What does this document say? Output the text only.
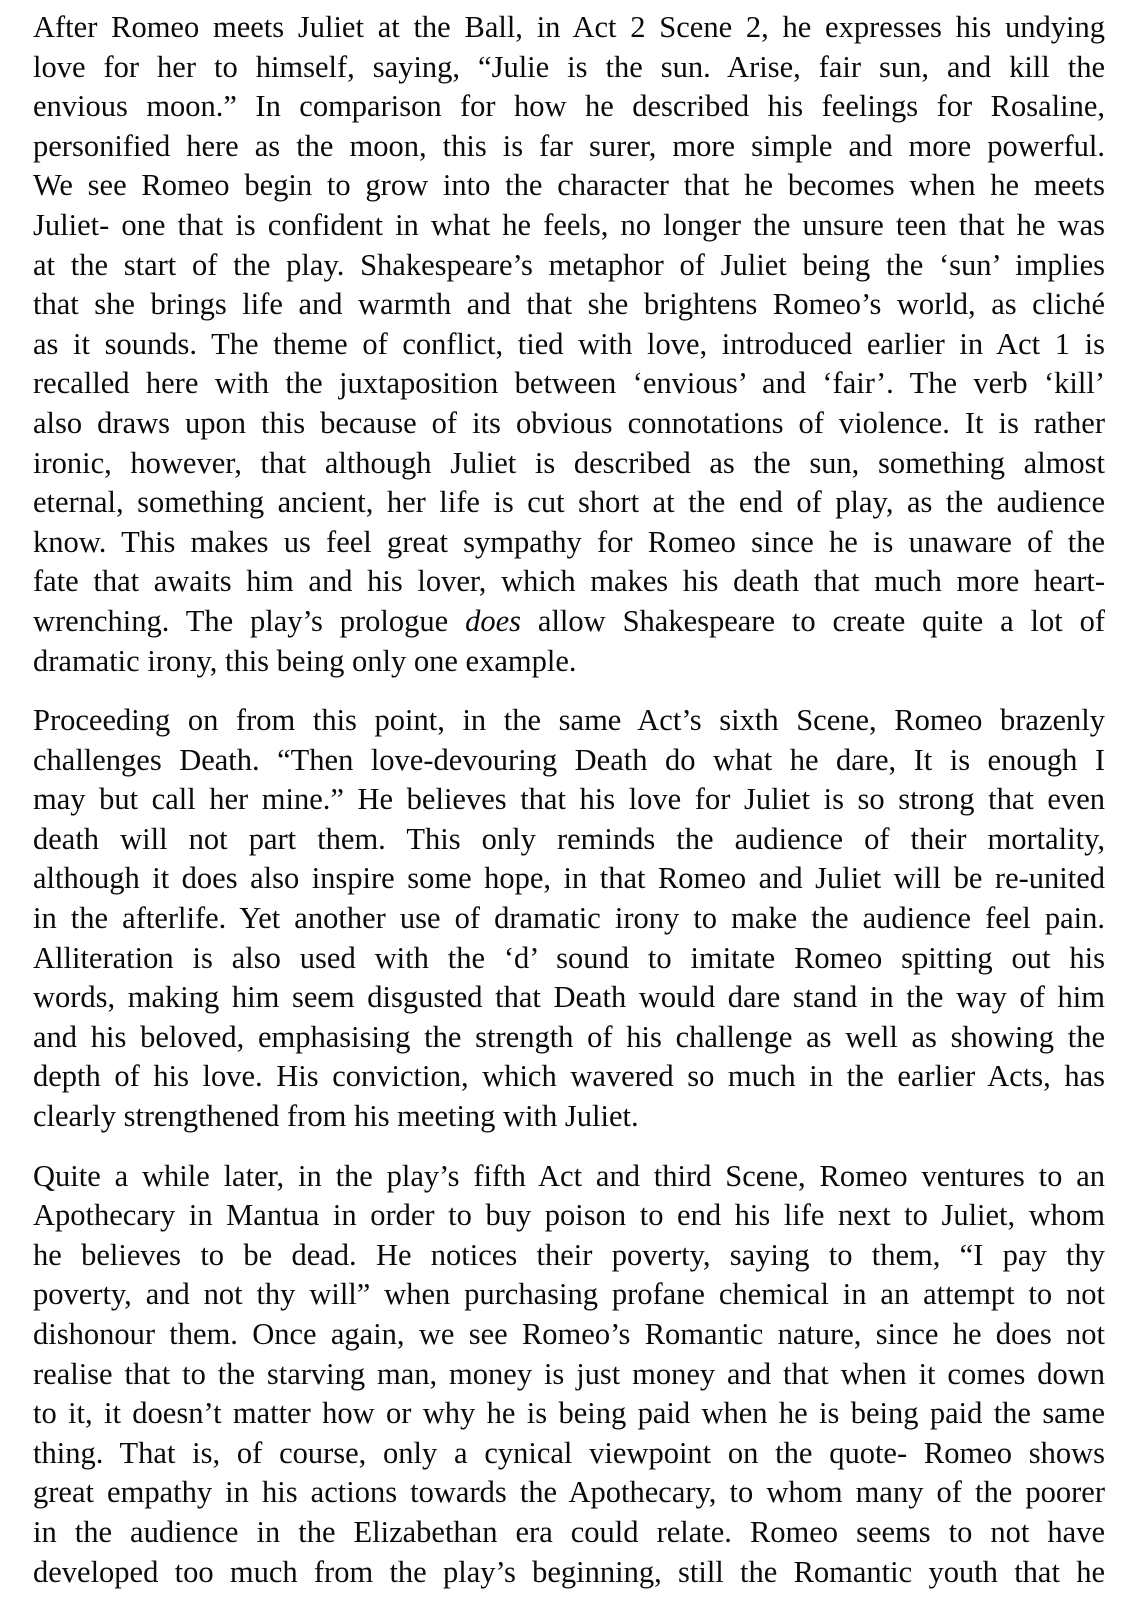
After Romeo meets Juliet at the Ball, in Act 2 Scene 2, he expresses his undying
love for her to himself, saying, “Julie is the sun. Arise, fair sun, and kill the
envious moon.” In comparison for how he described his feelings for Rosaline,
personified here as the moon, this is far surer, more simple and more powerful.
We see Romeo begin to grow into the character that he becomes when he meets
Juliet- one that is confident in what he feels, no longer the unsure teen that he was
at the start of the play. Shakespeare’s metaphor of Juliet being the ‘sun’ implies
that she brings life and warmth and that she brightens Romeo’s world, as cliché
as it sounds. The theme of conflict, tied with love, introduced earlier in Act 1 is
recalled here with the juxtaposition between ‘envious’ and ‘fair’. The verb ‘kill’
also draws upon this because of its obvious connotations of violence. It is rather
ironic, however, that although Juliet is described as the sun, something almost
eternal, something ancient, her life is cut short at the end of play, as the audience
know. This makes us feel great sympathy for Romeo since he is unaware of the
fate that awaits him and his lover, which makes his death that much more heart-
wrenching. The play’s prologue does allow Shakespeare to create quite a lot of
dramatic irony, this being only one example.

Proceeding on from this point, in the same Act’s sixth Scene, Romeo brazenly
challenges Death. “Then love-devouring Death do what he dare, It is enough I
may but call her mine.” He believes that his love for Juliet is so strong that even
death will not part them. This only reminds the audience of their mortality,
although it does also inspire some hope, in that Romeo and Juliet will be re-united
in the afterlife. Yet another use of dramatic irony to make the audience feel pain.
Alliteration is also used with the ‘d’ sound to imitate Romeo spitting out his
words, making him seem disgusted that Death would dare stand in the way of him
and his beloved, emphasising the strength of his challenge as well as showing the
depth of his love. His conviction, which wavered so much in the earlier Acts, has
clearly strengthened from his meeting with Juliet.

Quite a while later, in the play’s fifth Act and third Scene, Romeo ventures to an
Apothecary in Mantua in order to buy poison to end his life next to Juliet, whom
he believes to be dead. He notices their poverty, saying to them, “I pay thy
poverty, and not thy will” when purchasing profane chemical in an attempt to not
dishonour them. Once again, we see Romeo’s Romantic nature, since he does not
realise that to the starving man, money is just money and that when it comes down
to it, it doesn’t matter how or why he is being paid when he is being paid the same
thing. That is, of course, only a cynical viewpoint on the quote- Romeo shows
great empathy in his actions towards the Apothecary, to whom many of the poorer
in the audience in the Elizabethan era could relate. Romeo seems to not have
developed too much from the play’s beginning, still the Romantic youth that he
